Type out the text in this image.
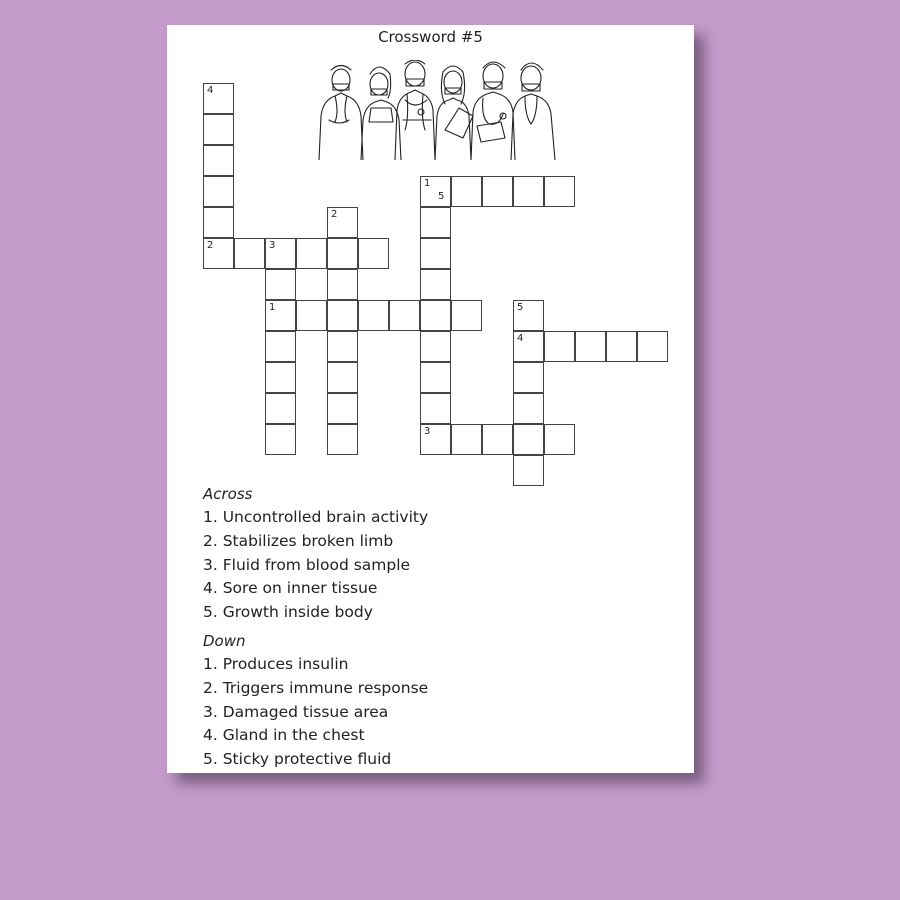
Crossword #5
4
1
5
2
2	3
1	5
4
3
Across
1. Uncontrolled brain activity
2. Stabilizes broken limb
3. Fluid from blood sample
4. Sore on inner tissue
5. Growth inside body
Down
1. Produces insulin
2. Triggers immune response
3. Damaged tissue area
4. Gland in the chest
5. Sticky protective fluid
